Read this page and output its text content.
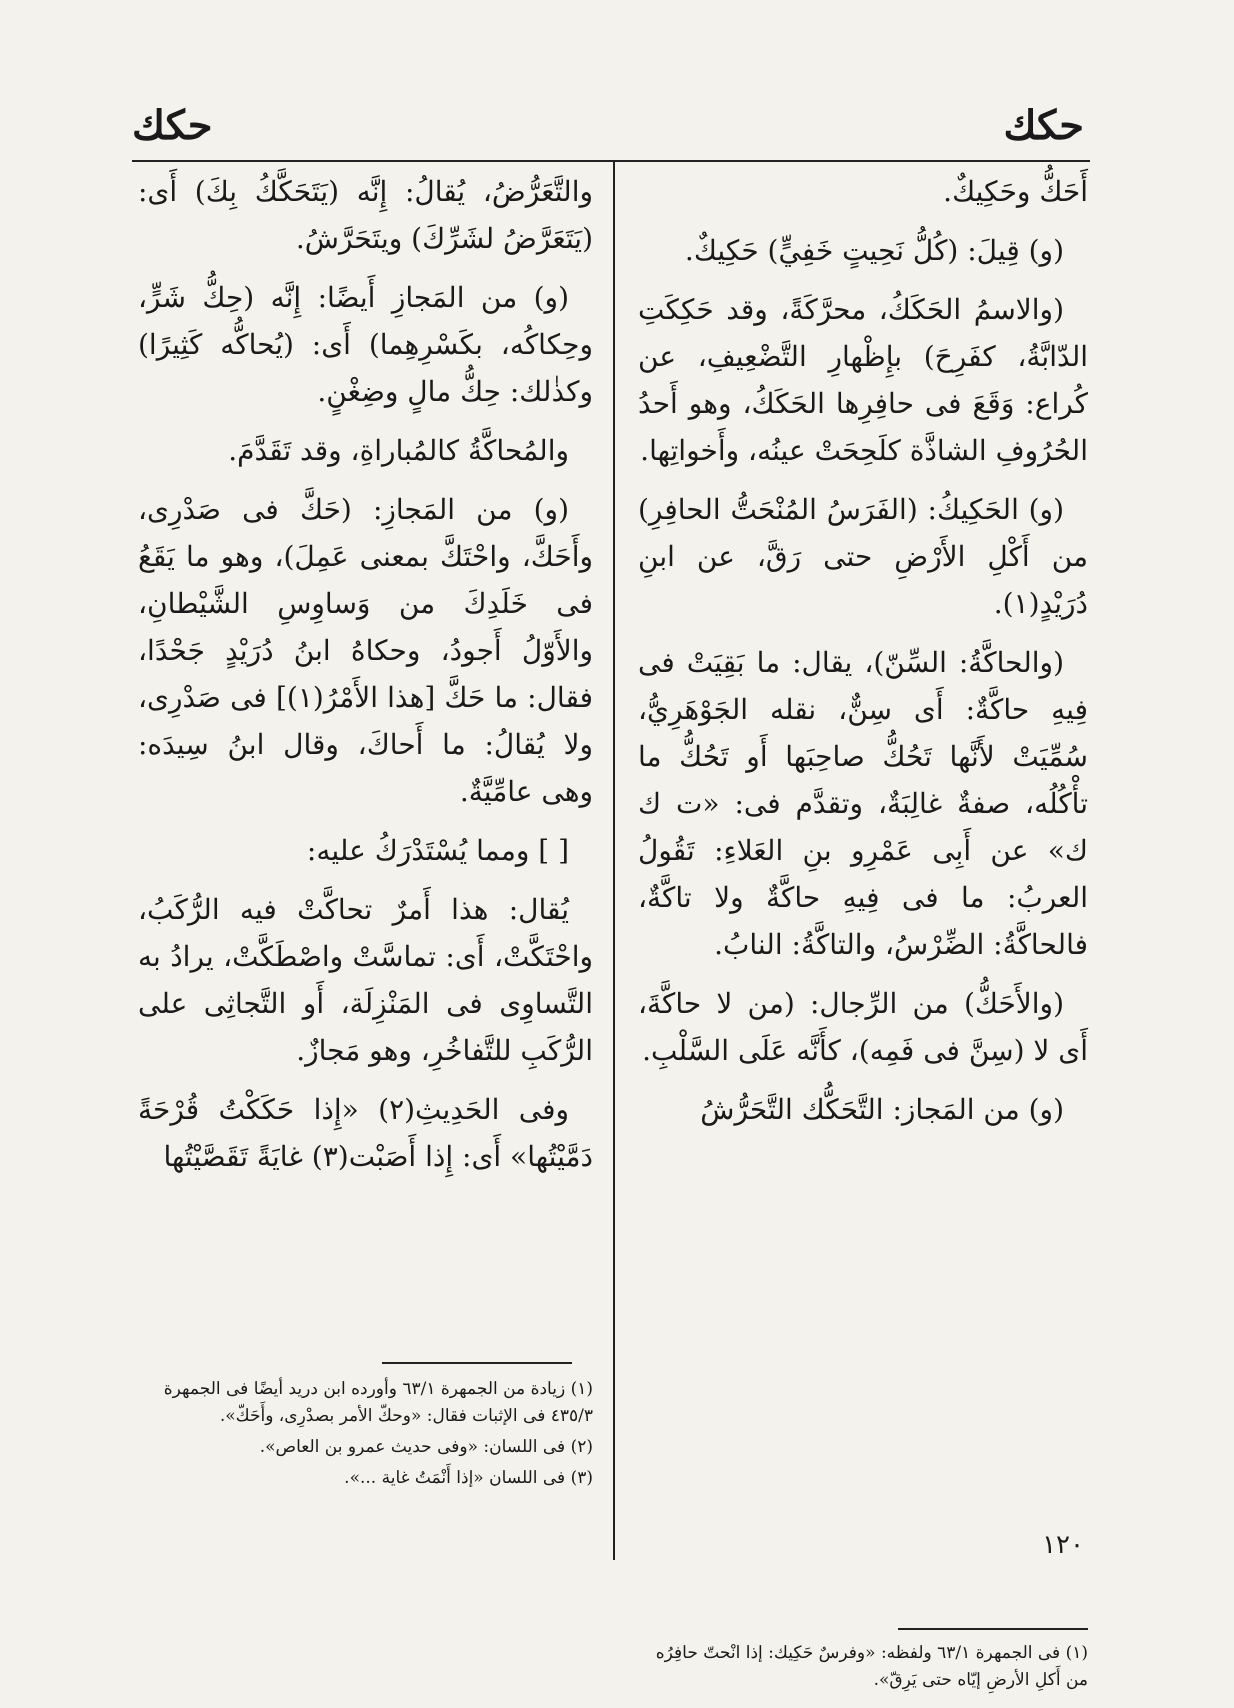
حكك
حكك

أَحَكُّ وحَكِيكٌ.

(و) قِيلَ: (كُلُّ نَحِيتٍ خَفِيٍّ) حَكِيكٌ.

(والاسمُ الحَكَكُ، محرَّكَةً، وقد حَكِكَتِ الدّابَّةُ، كفَرِحَ) بإِظْهارِ التَّضْعِيفِ، عن كُراع: وَقَعَ فى حافِرِها الحَكَكُ، وهو أَحدُ الحُرُوفِ الشاذَّة كلَحِحَتْ عينُه، وأَخواتِها.

(و) الحَكِيكُ: (الفَرَسُ المُنْحَتُّ الحافِرِ) من أَكْلِ الأَرْضِ حتى رَقَّ، عن ابنِ دُرَيْدٍ(١).

(والحاكَّةُ: السِّنّ)، يقال: ما بَقِيَتْ فى فِيهِ حاكَّةٌ: أَى سِنٌّ، نقله الجَوْهَرِيُّ، سُمِّيَتْ لأَنَّها تَحُكُّ صاحِبَها أَو تَحُكُّ ما تأْكُلُه، صفةٌ غالِبَةٌ، وتقدَّم فى: «ت ك ك» عن أَبِى عَمْرِو بنِ العَلاءِ: تَقُولُ العربُ: ما فى فِيهِ حاكَّةٌ ولا تاكَّةٌ، فالحاكَّةُ: الضِّرْسُ، والتاكَّةُ: النابُ.

(والأَحَكُّ) من الرِّجال: (من لا حاكَّةَ، أَى لا (سِنَّ فى فَمِه)، كأَنَّه عَلَى السَّلْبِ.

(و) من المَجاز: التَّحَكُّك التَّحَرُّشُ

والتَّعَرُّضُ، يُقالُ: إِنَّه (يَتَحَكَّكُ بِكَ) أَى: (يَتَعَرَّضُ لشَرِّكَ) ويتَحَرَّشُ.

(و) من المَجازِ أَيضًا: إِنَّه (حِكُّ شَرٍّ، وحِكاكُه، بكَسْرِهِما) أَى: (يُحاكُّه كَثِيرًا) وكذٰلك: حِكُّ مالٍ وضِغْنٍ.

والمُحاكَّةُ كالمُباراةِ، وقد تَقَدَّمَ.

(و) من المَجازِ: (حَكَّ فى صَدْرِى، وأَحَكَّ، واحْتَكَّ بمعنى عَمِلَ)، وهو ما يَقَعُ فى خَلَدِكَ من وَساوِسِ الشَّيْطانِ، والأَوّلُ أَجودُ، وحكاهُ ابنُ دُرَيْدٍ جَحْدًا، فقال: ما حَكَّ [هذا الأَمْرُ(١)] فى صَدْرِى، ولا يُقالُ: ما أَحاكَ، وقال ابنُ سِيدَه: وهى عامِّيَّةٌ.

[ ] ومما يُسْتَدْرَكُ عليه:

يُقال: هذا أَمرٌ تحاكَّتْ فيه الرُّكَبُ، واحْتَكَّتْ، أَى: تماسَّتْ واصْطَكَّتْ، يرادُ به التَّساوِى فى المَنْزِلَة، أَو التَّجاثِى على الرُّكَبِ للتَّفاخُرِ، وهو مَجازٌ.

وفى الحَدِيثِ(٢) «إِذا حَكَكْتُ قُرْحَةً دَمَّيْتُها» أَى: إِذا أَصَبْت(٣) غايَةً تَقَصَّيْتُها

(١) فى الجمهرة ٦٣/١ ولفظه: «وفرسٌ حَكِيك: إذا انْحتّ حافِرُه من أَكلِ الأرضِ إيّاه حتى يَرِقّ».

(١) زيادة من الجمهرة ٦٣/١ وأورده ابن دريد أيضًا فى الجمهرة ٤٣٥/٣ فى الإثبات فقال: «وحكّ الأمر بصدْرِى، وأَحَكّ».

(٢) فى اللسان: «وفى حديث عمرو بن العاص».

(٣) فى اللسان «إذا أَنْمَتُ غاية ...».

١٢٠
